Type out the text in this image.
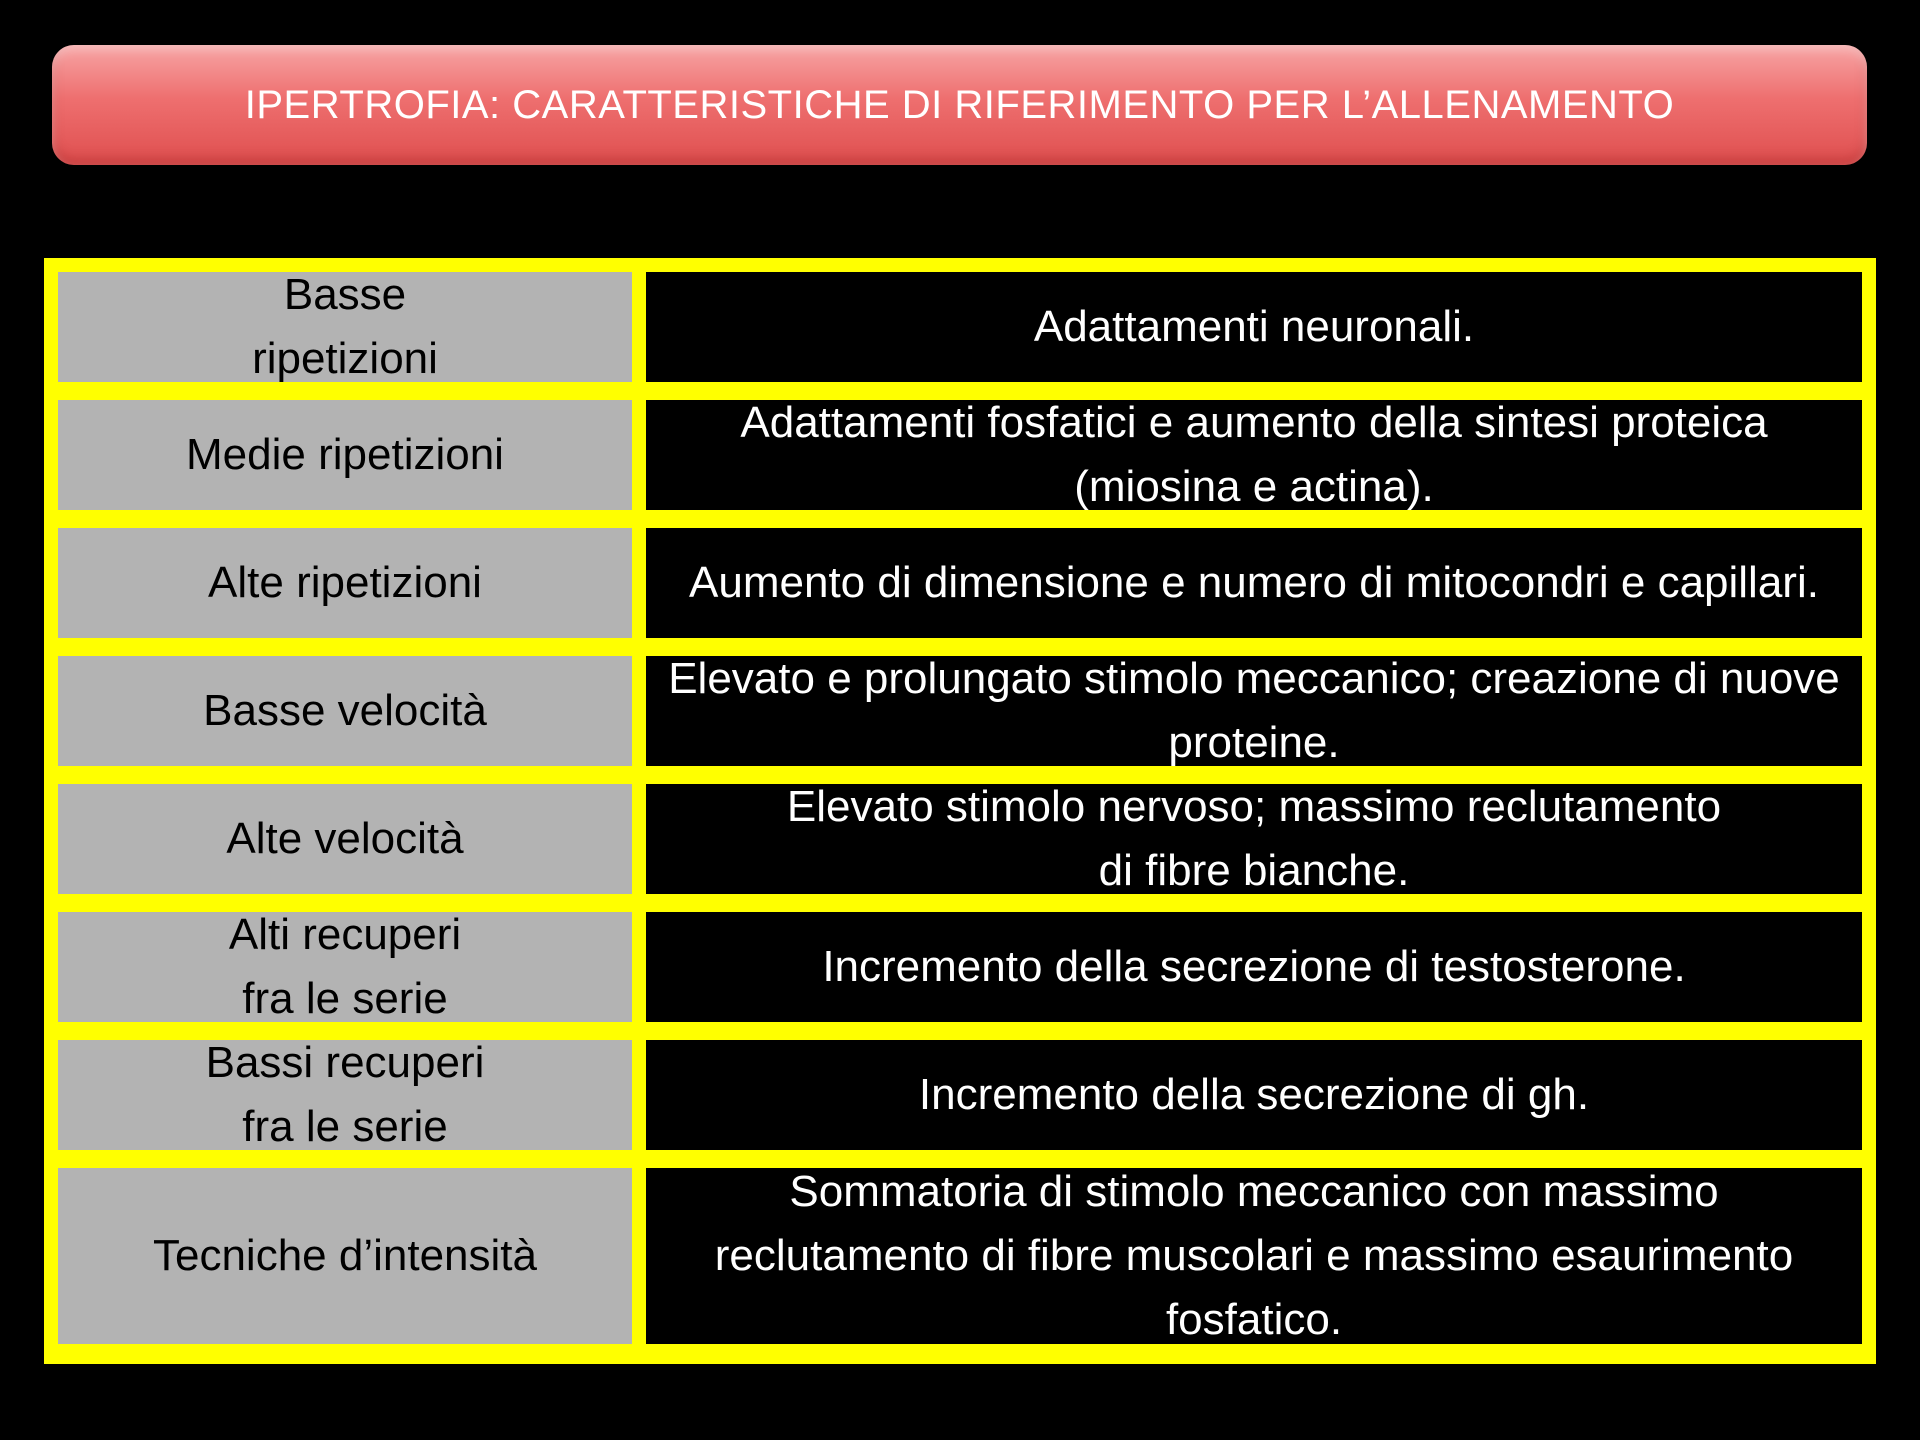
IPERTROFIA: CARATTERISTICHE DI RIFERIMENTO PER L’ALLENAMENTO
Basse
ripetizioni
Adattamenti neuronali.
Medie ripetizioni
Adattamenti fosfatici e aumento della sintesi proteica (miosina e actina).
Alte ripetizioni	Aumento di dimensione e numero di mitocondri e capillari.
Basse velocità
Elevato e prolungato stimolo meccanico; creazione di nuove proteine.
Alte velocità
Elevato stimolo nervoso; massimo reclutamento
di fibre bianche.
Alti recuperi
fra le serie
Incremento della secrezione di testosterone.
Bassi recuperi
fra le serie
Incremento della secrezione di gh.
Tecniche d’intensità
Sommatoria di stimolo meccanico con massimo reclutamento di fibre muscolari e massimo esaurimento fosfatico.
